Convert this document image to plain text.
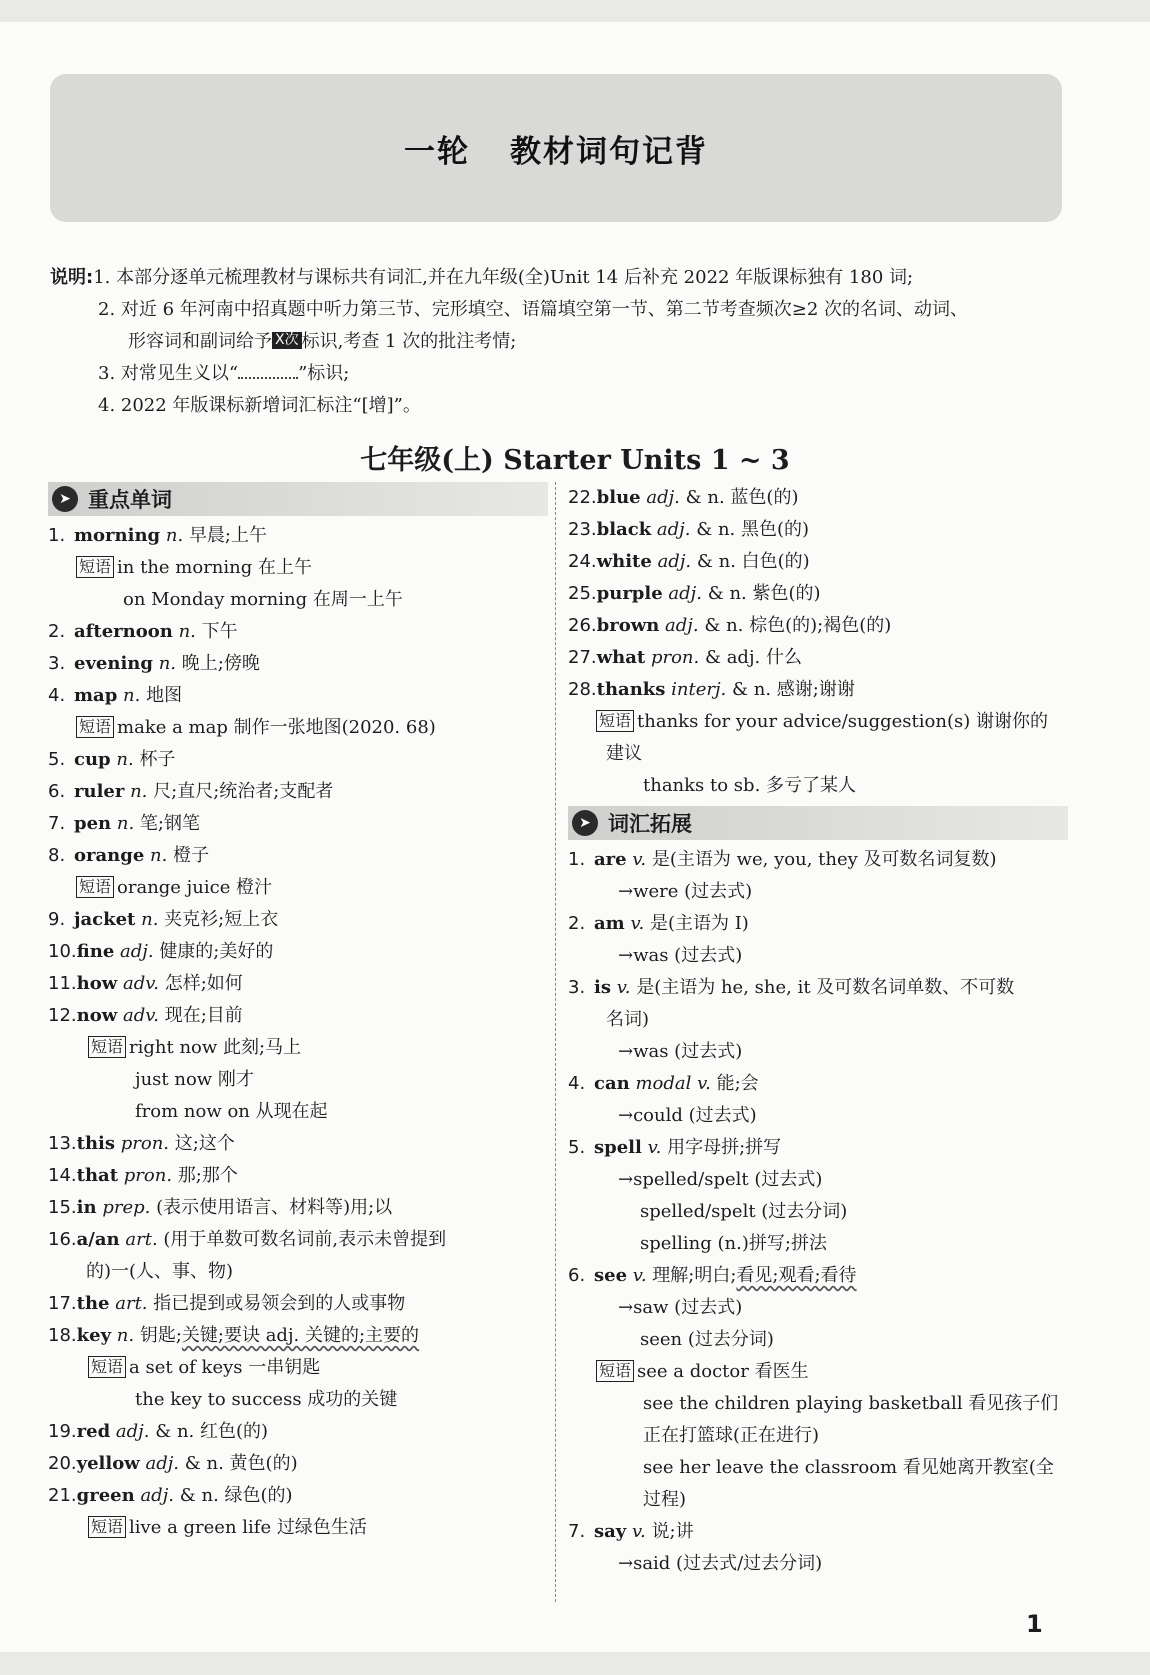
一轮 教材词句记背
说明:1. 本部分逐单元梳理教材与课标共有词汇,并在九年级(全)Unit 14 后补充 2022 年版课标独有 180 词;
2. 对近 6 年河南中招真题中听力第三节、完形填空、语篇填空第一节、第二节考查频次≥2 次的名词、动词、
形容词和副词给予 X次 标识,考查 1 次的批注考情;
3. 对常见生义以“	”标识;
4. 2022 年版课标新增词汇标注“[增]”。
七年级(上) Starter Units 1 ~ 3
➤ 重点单词
1.morning n. 早晨;上午
短语 in the morning 在上午
on Monday morning 在周一上午
2.afternoon n. 下午
3.evening n. 晚上;傍晚
4.map n. 地图
短语 make a map 制作一张地图(2020. 68)
5.cup n. 杯子
6.ruler n. 尺;直尺;统治者;支配者
7.pen n. 笔;钢笔
8.orange n. 橙子
短语 orange juice 橙汁
9.jacket n. 夹克衫;短上衣
10.fine adj. 健康的;美好的
11.how adv. 怎样;如何
12.now adv. 现在;目前
短语 right now 此刻;马上
just now 刚才
from now on 从现在起
13.this pron. 这;这个
14.that pron. 那;那个
15.in prep. (表示使用语言、材料等)用;以
16.a/an art. (用于单数可数名词前,表示未曾提到
的)一(人、事、物)
17.the art. 指已提到或易领会到的人或事物
18.key n. 钥匙;关键;要诀 adj. 关键的;主要的
短语 a set of keys 一串钥匙
the key to success 成功的关键
19.red adj. & n. 红色(的)
20.yellow adj. & n. 黄色(的)
21.green adj. & n. 绿色(的)
短语 live a green life 过绿色生活
22.blue adj. & n. 蓝色(的)
23.black adj. & n. 黑色(的)
24.white adj. & n. 白色(的)
25.purple adj. & n. 紫色(的)
26.brown adj. & n. 棕色(的);褐色(的)
27.what pron. & adj. 什么
28.thanks interj. & n. 感谢;谢谢
短语 thanks for your advice/suggestion(s) 谢谢你的
建议
thanks to sb. 多亏了某人
➤ 词汇拓展
1.are v. 是(主语为 we, you, they 及可数名词复数)
→were (过去式)
2.am v. 是(主语为 I)
→was (过去式)
3.is v. 是(主语为 he, she, it 及可数名词单数、不可数
名词)
→was (过去式)
4.can modal v. 能;会
→could (过去式)
5.spell v. 用字母拼;拼写
→spelled/spelt (过去式)
spelled/spelt (过去分词)
spelling (n.)拼写;拼法
6.see v. 理解;明白;看见;观看;看待
→saw (过去式)
seen (过去分词)
短语 see a doctor 看医生
see the children playing basketball 看见孩子们
正在打篮球(正在进行)
see her leave the classroom 看见她离开教室(全
过程)
7.say v. 说;讲
→said (过去式/过去分词)
1
